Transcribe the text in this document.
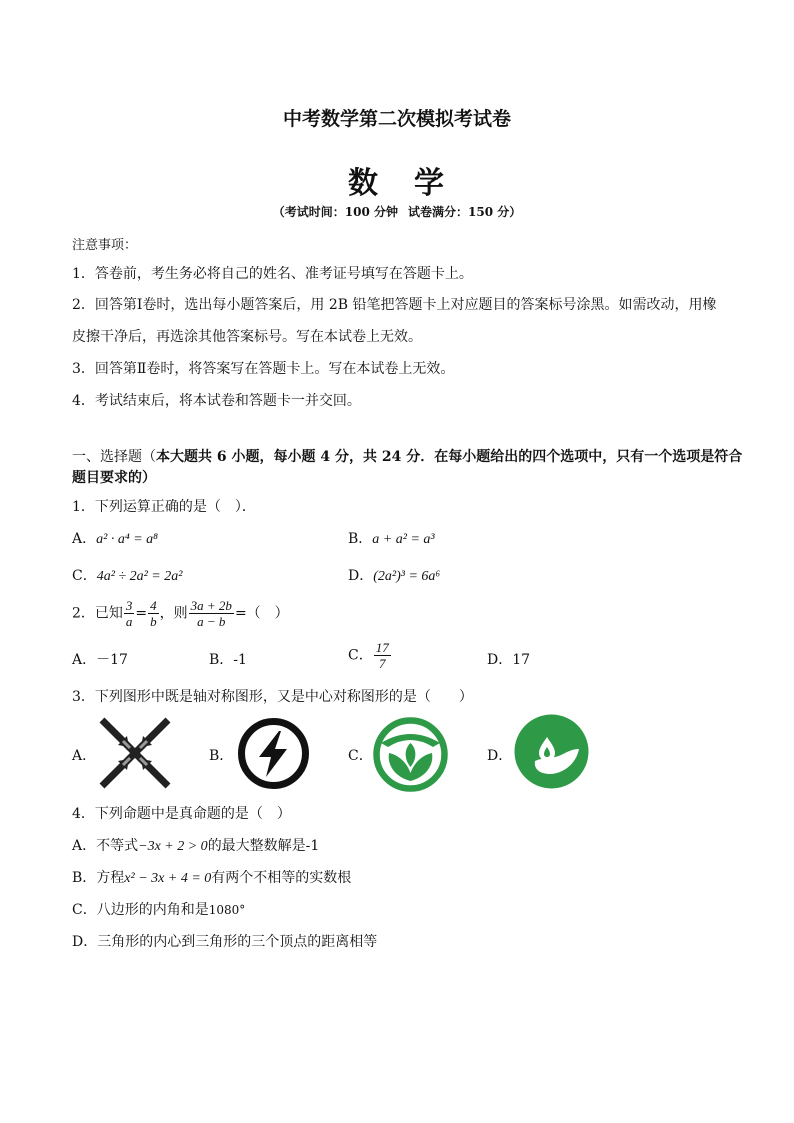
中考数学第二次模拟考试卷
数 学
（考试时间：100 分钟 试卷满分：150 分）
注意事项：
1．答卷前，考生务必将自己的姓名、准考证号填写在答题卡上。
2．回答第Ⅰ卷时，选出每小题答案后，用 2B 铅笔把答题卡上对应题目的答案标号涂黑。如需改动，用橡
皮擦干净后，再选涂其他答案标号。写在本试卷上无效。
3．回答第Ⅱ卷时，将答案写在答题卡上。写在本试卷上无效。
4．考试结束后，将本试卷和答题卡一并交回。
一、选择题（本大题共 6 小题，每小题 4 分，共 24 分．在每小题给出的四个选项中，只有一个选项是符合
题目要求的）
1．下列运算正确的是（　）．
A．a² · a⁴ = a⁸	B．a + a² = a³
C．4a² ÷ 2a² = 2a²	D．(2a²)³ = 6a⁶
2．已知 $\frac{3}{a} = \frac{4}{b}$ ，则 $\frac{3a + 2b}{a - b}$ =（　）
A．－17	B．-1	C． $\frac{17}{7}$	D．17
3．下列图形中既是轴对称图形，又是中心对称图形的是（　　）
A．	B．	C．	D．
4．下列命题中是真命题的是（　）
A．不等式−3x + 2 > 0的最大整数解是-1
B．方程x² − 3x + 4 = 0有两个不相等的实数根
C．八边形的内角和是1080°
D．三角形的内心到三角形的三个顶点的距离相等
